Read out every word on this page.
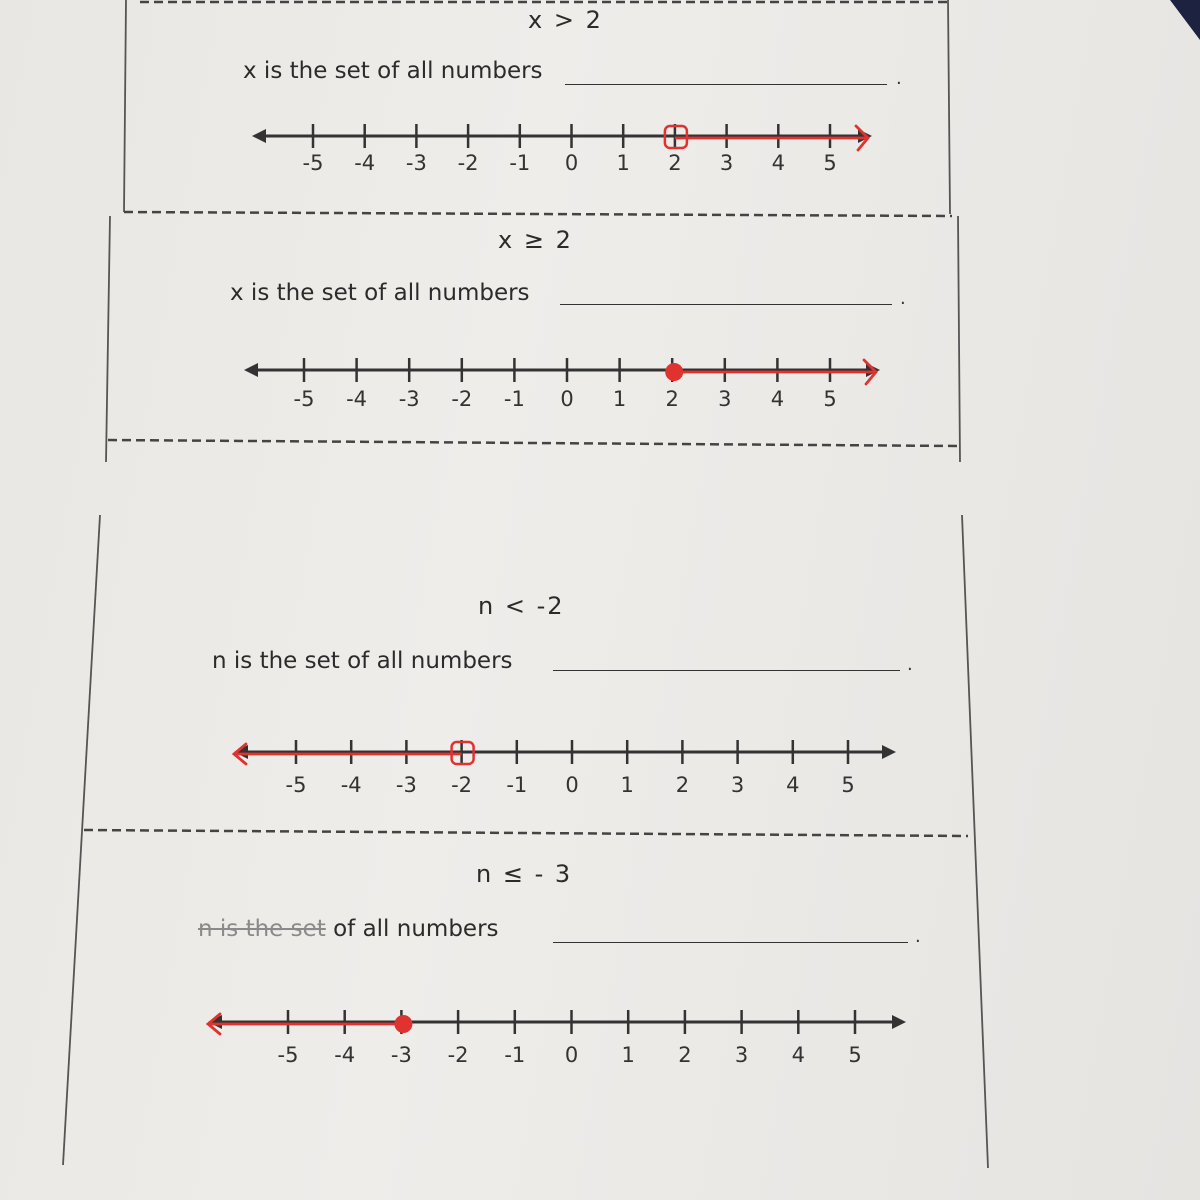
x > 2
x is the set of all numbers	.
-5 -4 -3 -2 -1 0 1 2 3 4 5
x ≥ 2
x is the set of all numbers	.
-5 -4 -3 -2 -1 0 1 2 3 4 5
n < -2
n is the set of all numbers	.
-5 -4 -3 -2 -1 0 1 2 3 4 5
n ≤ - 3
n is the set of all numbers	.
-5 -4 -3 -2 -1 0 1 2 3 4 5
